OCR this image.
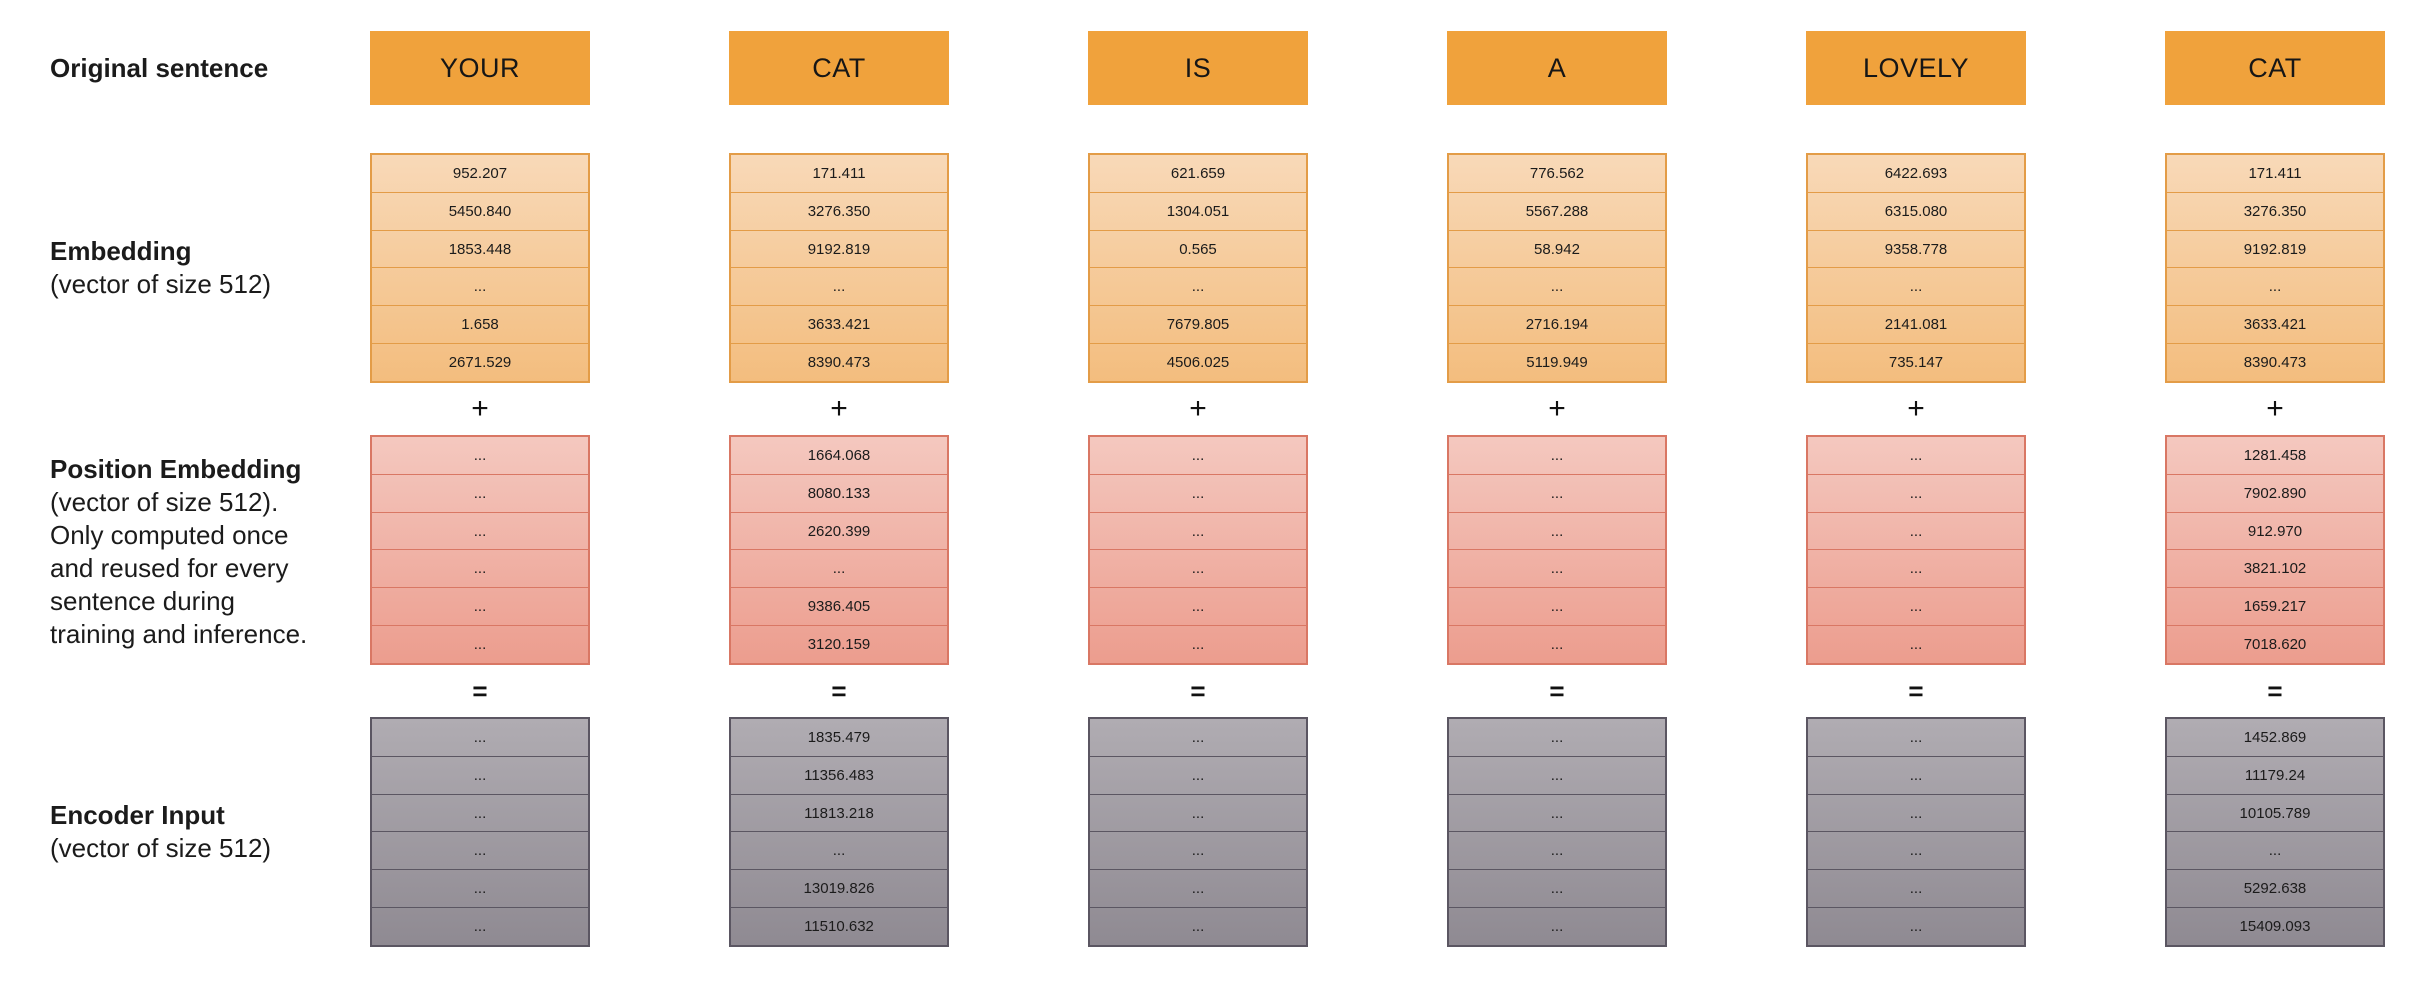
Original sentence
Embedding
(vector of size 512)
Position Embedding
(vector of size 512).
Only computed once
and reused for every
sentence during
training and inference.
Encoder Input
(vector of size 512)
YOUR
952.207
5450.840
1853.448
...
1.658
2671.529
+
...
...
...
...
...
...
=
...
...
...
...
...
...
CAT
171.411
3276.350
9192.819
...
3633.421
8390.473
+
1664.068
8080.133
2620.399
...
9386.405
3120.159
=
1835.479
11356.483
11813.218
...
13019.826
11510.632
IS
621.659
1304.051
0.565
...
7679.805
4506.025
+
...
...
...
...
...
...
=
...
...
...
...
...
...
A
776.562
5567.288
58.942
...
2716.194
5119.949
+
...
...
...
...
...
...
=
...
...
...
...
...
...
LOVELY
6422.693
6315.080
9358.778
...
2141.081
735.147
+
...
...
...
...
...
...
=
...
...
...
...
...
...
CAT
171.411
3276.350
9192.819
...
3633.421
8390.473
+
1281.458
7902.890
912.970
3821.102
1659.217
7018.620
=
1452.869
11179.24
10105.789
...
5292.638
15409.093
